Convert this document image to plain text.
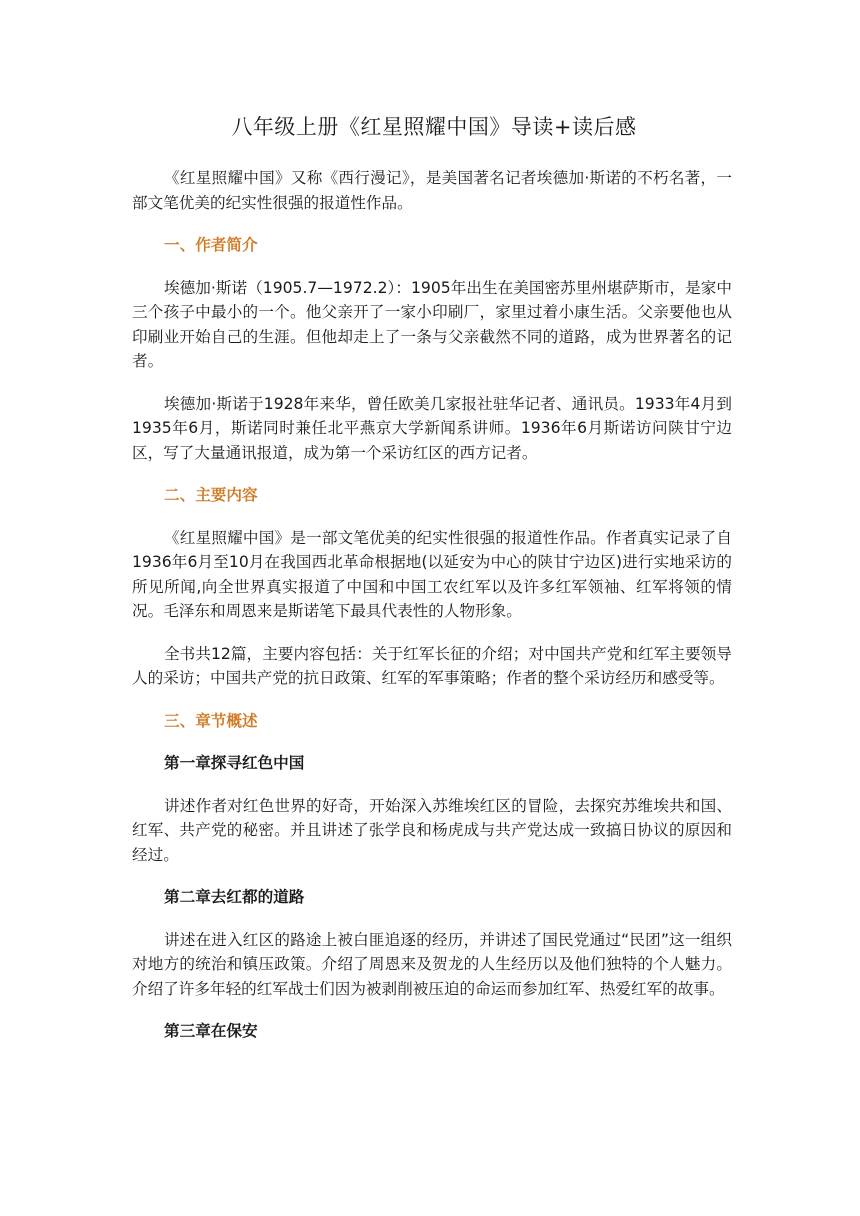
八年级上册《红星照耀中国》导读+读后感

《红星照耀中国》又称《西行漫记》，是美国著名记者埃德加·斯诺的不朽名著，一部文笔优美的纪实性很强的报道性作品。

一、作者简介

埃德加·斯诺（1905.7—1972.2）：1905年出生在美国密苏里州堪萨斯市，是家中三个孩子中最小的一个。他父亲开了一家小印刷厂，家里过着小康生活。父亲要他也从印刷业开始自己的生涯。但他却走上了一条与父亲截然不同的道路，成为世界著名的记者。

埃德加·斯诺于1928年来华，曾任欧美几家报社驻华记者、通讯员。1933年4月到1935年6月，斯诺同时兼任北平燕京大学新闻系讲师。1936年6月斯诺访问陕甘宁边区，写了大量通讯报道，成为第一个采访红区的西方记者。

二、主要内容

《红星照耀中国》是一部文笔优美的纪实性很强的报道性作品。作者真实记录了自1936年6月至10月在我国西北革命根据地(以延安为中心的陕甘宁边区)进行实地采访的所见所闻,向全世界真实报道了中国和中国工农红军以及许多红军领袖、红军将领的情况。毛泽东和周恩来是斯诺笔下最具代表性的人物形象。

全书共12篇，主要内容包括：关于红军长征的介绍；对中国共产党和红军主要领导人的采访；中国共产党的抗日政策、红军的军事策略；作者的整个采访经历和感受等。

三、章节概述
第一章探寻红色中国

讲述作者对红色世界的好奇，开始深入苏维埃红区的冒险，去探究苏维埃共和国、红军、共产党的秘密。并且讲述了张学良和杨虎成与共产党达成一致搞日协议的原因和经过。

第二章去红都的道路

讲述在进入红区的路途上被白匪追逐的经历，并讲述了国民党通过“民团”这一组织对地方的统治和镇压政策。介绍了周恩来及贺龙的人生经历以及他们独特的个人魅力。介绍了许多年轻的红军战士们因为被剥削被压迫的命运而参加红军、热爱红军的故事。

第三章在保安
